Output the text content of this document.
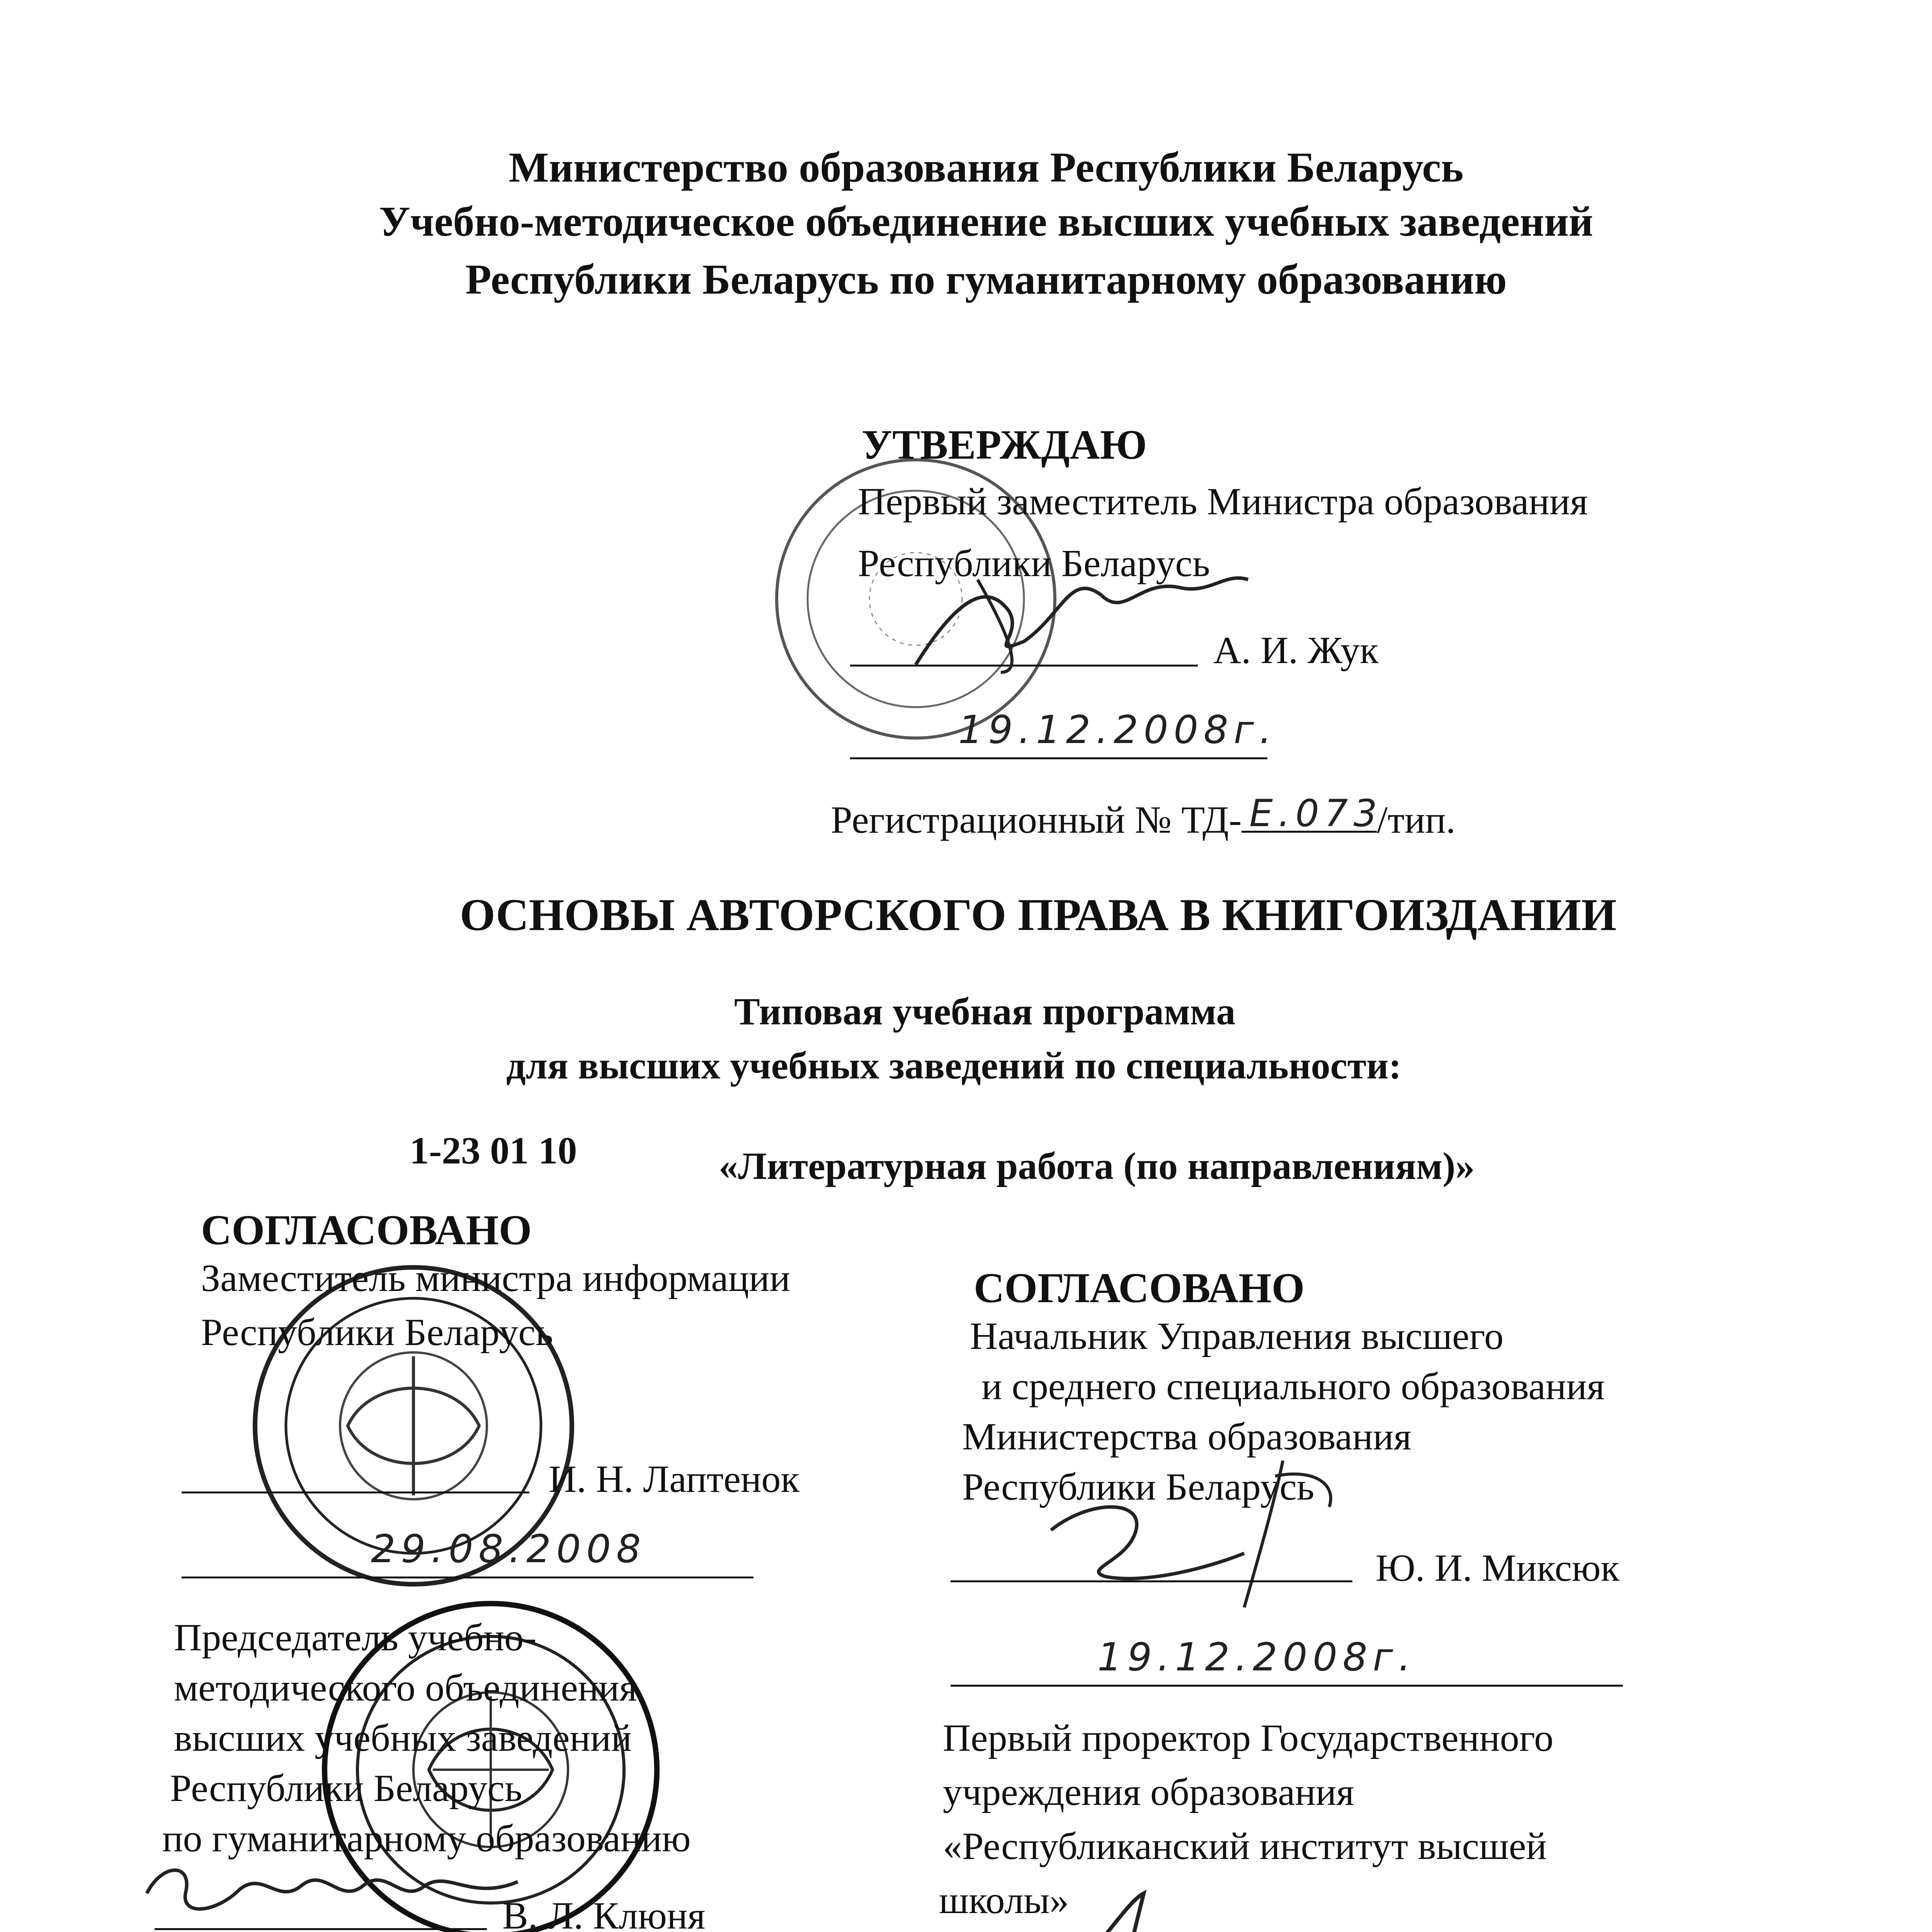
Министерство образования Республики Беларусь
Учебно-методическое объединение высших учебных заведений
Республики Беларусь по гуманитарному образованию
УТВЕРЖДАЮ
Первый заместитель Министра образования
Республики Беларусь
А. И. Жук
19.12.2008г.
Регистрационный № ТД- E.073
/тип.
ОСНОВЫ АВТОРСКОГО ПРАВА В КНИГОИЗДАНИИ
Типовая учебная программа
для высших учебных заведений по специальности:
1-23 01 10	«Литературная работа (по направлениям)»
СОГЛАСОВАНО
Заместитель министра информации
Республики Беларусь
И. Н. Лаптенок
29.08.2008
СОГЛАСОВАНО
Начальник Управления высшего
и среднего специального образования
Министерства образования
Республики Беларусь
Ю. И. Миксюк
19.12.2008г.
Председатель учебно-
методического объединения
высших учебных заведений
Республики Беларусь
по гуманитарному образованию
В. Л. Клюня
Первый проректор Государственного
учреждения образования
«Республиканский институт высшей
школы»
